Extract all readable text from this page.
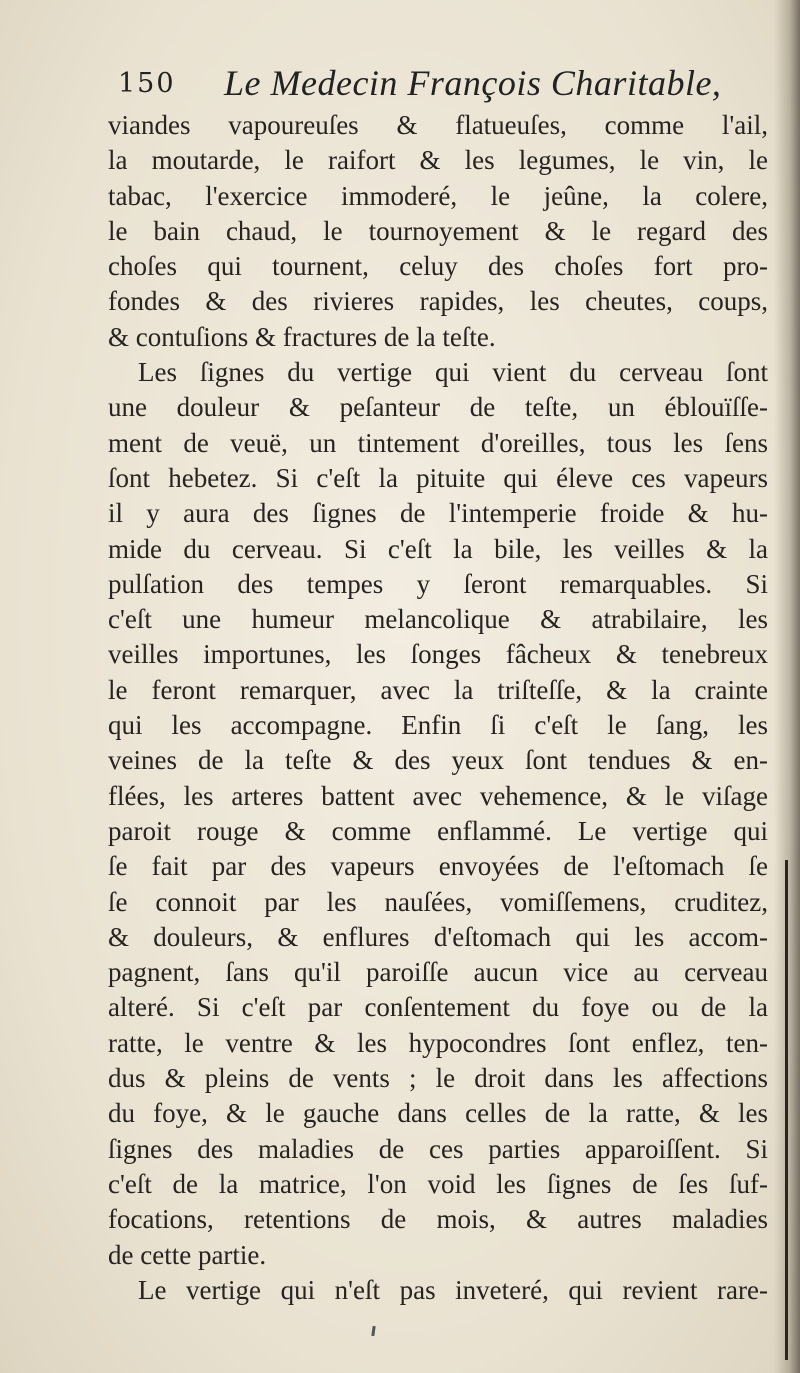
150 Le Medecin François Charitable,
viandes vapoureuſes & flatueuſes, comme l'ail,
la moutarde, le raifort & les legumes, le vin, le
tabac, l'exercice immoderé, le jeûne, la colere,
le bain chaud, le tournoyement & le regard des
choſes qui tournent, celuy des choſes fort pro-
fondes & des rivieres rapides, les cheutes, coups,
& contuſions & fractures de la teſte.
Les ſignes du vertige qui vient du cerveau ſont
une douleur & peſanteur de teſte, un éblouïſſe-
ment de veuë, un tintement d'oreilles, tous les ſens
ſont hebetez. Si c'eſt la pituite qui éleve ces vapeurs
il y aura des ſignes de l'intemperie froide & hu-
mide du cerveau. Si c'eſt la bile, les veilles & la
pulſation des tempes y ſeront remarquables. Si
c'eſt une humeur melancolique & atrabilaire, les
veilles importunes, les ſonges fâcheux & tenebreux
le feront remarquer, avec la triſteſſe, & la crainte
qui les accompagne. Enfin ſi c'eſt le ſang, les
veines de la teſte & des yeux ſont tendues & en-
flées, les arteres battent avec vehemence, & le viſage
paroit rouge & comme enflammé. Le vertige qui
ſe fait par des vapeurs envoyées de l'eſtomach ſe
ſe connoit par les nauſées, vomiſſemens, cruditez,
& douleurs, & enflures d'eſtomach qui les accom-
pagnent, ſans qu'il paroiſſe aucun vice au cerveau
alteré. Si c'eſt par conſentement du foye ou de la
ratte, le ventre & les hypocondres ſont enflez, ten-
dus & pleins de vents ; le droit dans les affections
du foye, & le gauche dans celles de la ratte, & les
ſignes des maladies de ces parties apparoiſſent. Si
c'eſt de la matrice, l'on void les ſignes de ſes ſuf-
focations, retentions de mois, & autres maladies
de cette partie.
Le vertige qui n'eſt pas inveteré, qui revient rare-
